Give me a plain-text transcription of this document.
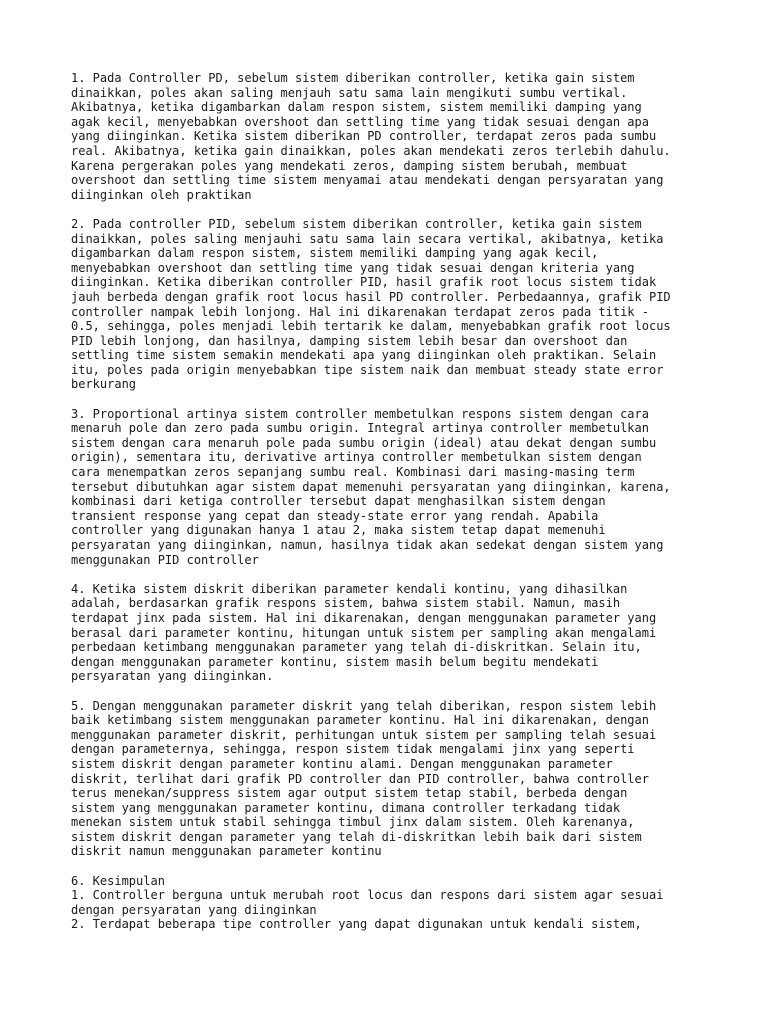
1. Pada Controller PD, sebelum sistem diberikan controller, ketika gain sistem
dinaikkan, poles akan saling menjauh satu sama lain mengikuti sumbu vertikal.
Akibatnya, ketika digambarkan dalam respon sistem, sistem memiliki damping yang
agak kecil, menyebabkan overshoot dan settling time yang tidak sesuai dengan apa
yang diinginkan. Ketika sistem diberikan PD controller, terdapat zeros pada sumbu
real. Akibatnya, ketika gain dinaikkan, poles akan mendekati zeros terlebih dahulu.
Karena pergerakan poles yang mendekati zeros, damping sistem berubah, membuat
overshoot dan settling time sistem menyamai atau mendekati dengan persyaratan yang
diinginkan oleh praktikan
2. Pada controller PID, sebelum sistem diberikan controller, ketika gain sistem
dinaikkan, poles saling menjauhi satu sama lain secara vertikal, akibatnya, ketika
digambarkan dalam respon sistem, sistem memiliki damping yang agak kecil,
menyebabkan overshoot dan settling time yang tidak sesuai dengan kriteria yang
diinginkan. Ketika diberikan controller PID, hasil grafik root locus sistem tidak
jauh berbeda dengan grafik root locus hasil PD controller. Perbedaannya, grafik PID
controller nampak lebih lonjong. Hal ini dikarenakan terdapat zeros pada titik -
0.5, sehingga, poles menjadi lebih tertarik ke dalam, menyebabkan grafik root locus
PID lebih lonjong, dan hasilnya, damping sistem lebih besar dan overshoot dan
settling time sistem semakin mendekati apa yang diinginkan oleh praktikan. Selain
itu, poles pada origin menyebabkan tipe sistem naik dan membuat steady state error
berkurang
3. Proportional artinya sistem controller membetulkan respons sistem dengan cara
menaruh pole dan zero pada sumbu origin. Integral artinya controller membetulkan
sistem dengan cara menaruh pole pada sumbu origin (ideal) atau dekat dengan sumbu
origin), sementara itu, derivative artinya controller membetulkan sistem dengan
cara menempatkan zeros sepanjang sumbu real. Kombinasi dari masing-masing term
tersebut dibutuhkan agar sistem dapat memenuhi persyaratan yang diinginkan, karena,
kombinasi dari ketiga controller tersebut dapat menghasilkan sistem dengan
transient response yang cepat dan steady-state error yang rendah. Apabila
controller yang digunakan hanya 1 atau 2, maka sistem tetap dapat memenuhi
persyaratan yang diinginkan, namun, hasilnya tidak akan sedekat dengan sistem yang
menggunakan PID controller
4. Ketika sistem diskrit diberikan parameter kendali kontinu, yang dihasilkan
adalah, berdasarkan grafik respons sistem, bahwa sistem stabil. Namun, masih
terdapat jinx pada sistem. Hal ini dikarenakan, dengan menggunakan parameter yang
berasal dari parameter kontinu, hitungan untuk sistem per sampling akan mengalami
perbedaan ketimbang menggunakan parameter yang telah di-diskritkan. Selain itu,
dengan menggunakan parameter kontinu, sistem masih belum begitu mendekati
persyaratan yang diinginkan.
5. Dengan menggunakan parameter diskrit yang telah diberikan, respon sistem lebih
baik ketimbang sistem menggunakan parameter kontinu. Hal ini dikarenakan, dengan
menggunakan parameter diskrit, perhitungan untuk sistem per sampling telah sesuai
dengan parameternya, sehingga, respon sistem tidak mengalami jinx yang seperti
sistem diskrit dengan parameter kontinu alami. Dengan menggunakan parameter
diskrit, terlihat dari grafik PD controller dan PID controller, bahwa controller
terus menekan/suppress sistem agar output sistem tetap stabil, berbeda dengan
sistem yang menggunakan parameter kontinu, dimana controller terkadang tidak
menekan sistem untuk stabil sehingga timbul jinx dalam sistem. Oleh karenanya,
sistem diskrit dengan parameter yang telah di-diskritkan lebih baik dari sistem
diskrit namun menggunakan parameter kontinu
6. Kesimpulan
1. Controller berguna untuk merubah root locus dan respons dari sistem agar sesuai
dengan persyaratan yang diinginkan
2. Terdapat beberapa tipe controller yang dapat digunakan untuk kendali sistem,
